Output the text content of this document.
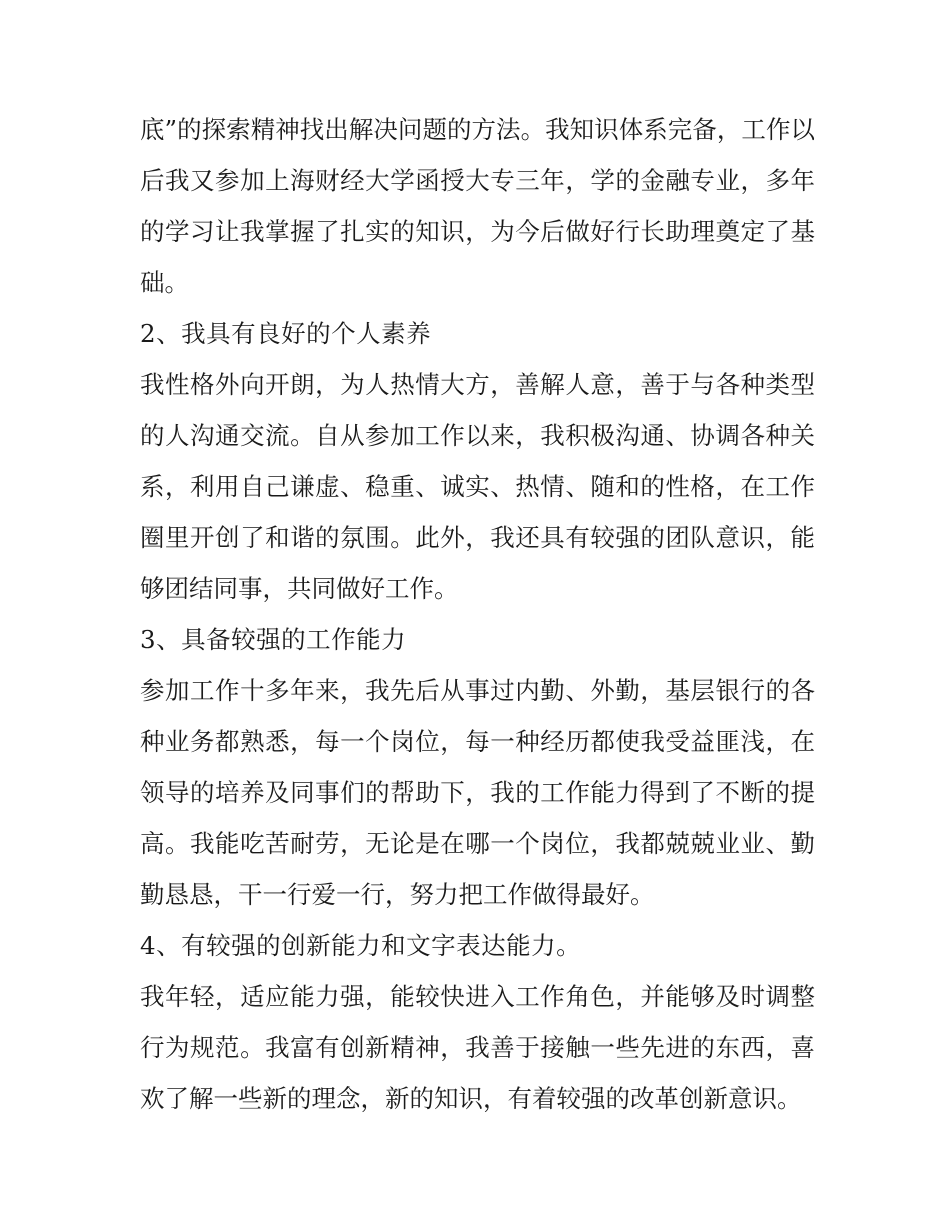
底”的探索精神找出解决问题的方法。我知识体系完备，工作以后我又参加上海财经大学函授大专三年，学的金融专业，多年的学习让我掌握了扎实的知识，为今后做好行长助理奠定了基础。

2、我具有良好的个人素养

我性格外向开朗，为人热情大方，善解人意，善于与各种类型的人沟通交流。自从参加工作以来，我积极沟通、协调各种关系，利用自己谦虚、稳重、诚实、热情、随和的性格，在工作圈里开创了和谐的氛围。此外，我还具有较强的团队意识，能够团结同事，共同做好工作。

3、具备较强的工作能力

参加工作十多年来，我先后从事过内勤、外勤，基层银行的各种业务都熟悉，每一个岗位，每一种经历都使我受益匪浅，在领导的培养及同事们的帮助下，我的工作能力得到了不断的提高。我能吃苦耐劳，无论是在哪一个岗位，我都兢兢业业、勤勤恳恳，干一行爱一行，努力把工作做得最好。

4、有较强的创新能力和文字表达能力。

我年轻，适应能力强，能较快进入工作角色，并能够及时调整行为规范。我富有创新精神，我善于接触一些先进的东西，喜欢了解一些新的理念，新的知识，有着较强的改革创新意识。
